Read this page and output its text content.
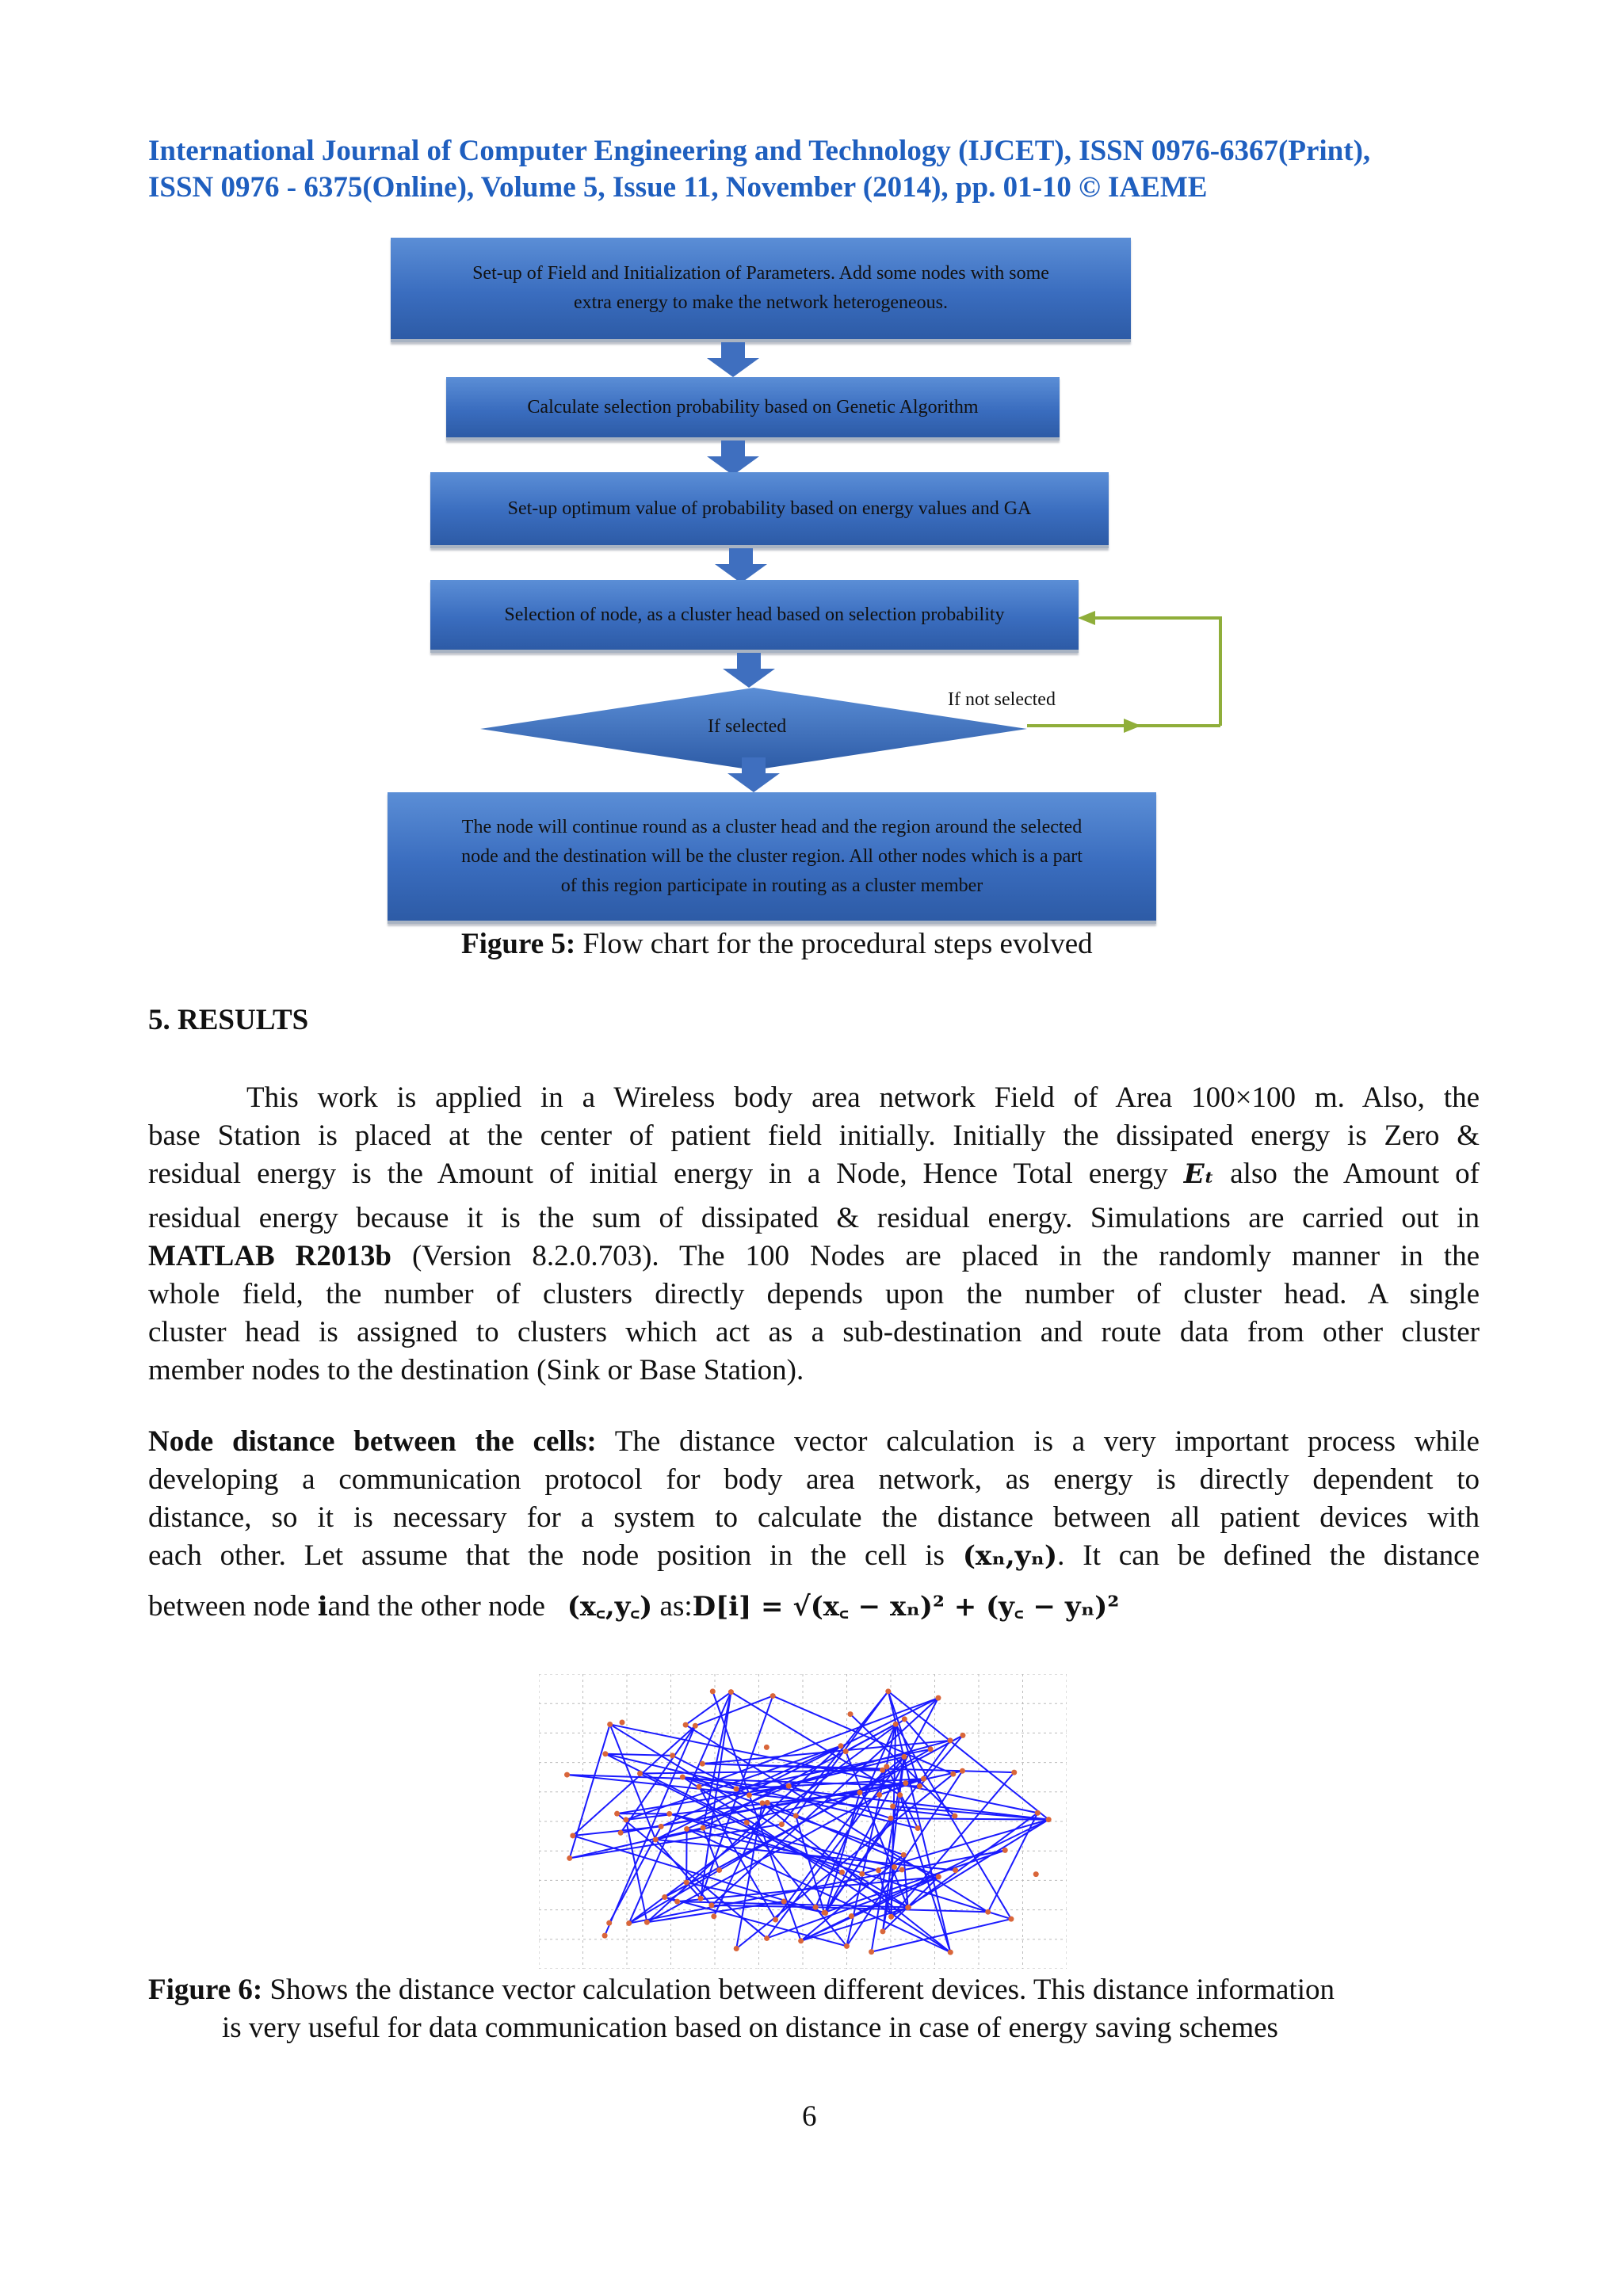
International Journal of Computer Engineering and Technology (IJCET), ISSN 0976-6367(Print),
ISSN 0976 - 6375(Online), Volume 5, Issue 11, November (2014), pp. 01-10 © IAEME
Set-up of Field and Initialization of Parameters. Add some nodes with some
extra energy to make the network heterogeneous.
Calculate selection probability based on Genetic Algorithm
Set-up optimum value of probability based on energy values and GA
Selection of node, as a cluster head based on selection probability
If selected
If not selected
The node will continue round as a cluster head and the region around the selected
node and the destination will be the cluster region. All other nodes which is a part
of this region participate in routing as a cluster member
Figure 5: Flow chart for the procedural steps evolved
5. RESULTS
This work is applied in a Wireless body area network Field of Area 100×100 m. Also, the
base Station is placed at the center of patient field initially. Initially the dissipated energy is Zero &
residual energy is the Amount of initial energy in a Node, Hence Total energy Eₜ also the Amount of
residual energy because it is the sum of dissipated & residual energy. Simulations are carried out in
MATLAB R2013b (Version 8.2.0.703). The 100 Nodes are placed in the randomly manner in the
whole field, the number of clusters directly depends upon the number of cluster head. A single
cluster head is assigned to clusters which act as a sub-destination and route data from other cluster
member nodes to the destination (Sink or Base Station).
Node distance between the cells: The distance vector calculation is a very important process while
developing a communication protocol for body area network, as energy is directly dependent to
distance, so it is necessary for a system to calculate the distance between all patient devices with
each other. Let assume that the node position in the cell is (xₙ,yₙ). It can be defined the distance
between node iand the other node (x꜀,y꜀) as:D[i] = √(x꜀ − xₙ)² + (y꜀ − yₙ)²
Figure 6: Shows the distance vector calculation between different devices. This distance information
is very useful for data communication based on distance in case of energy saving schemes
6
